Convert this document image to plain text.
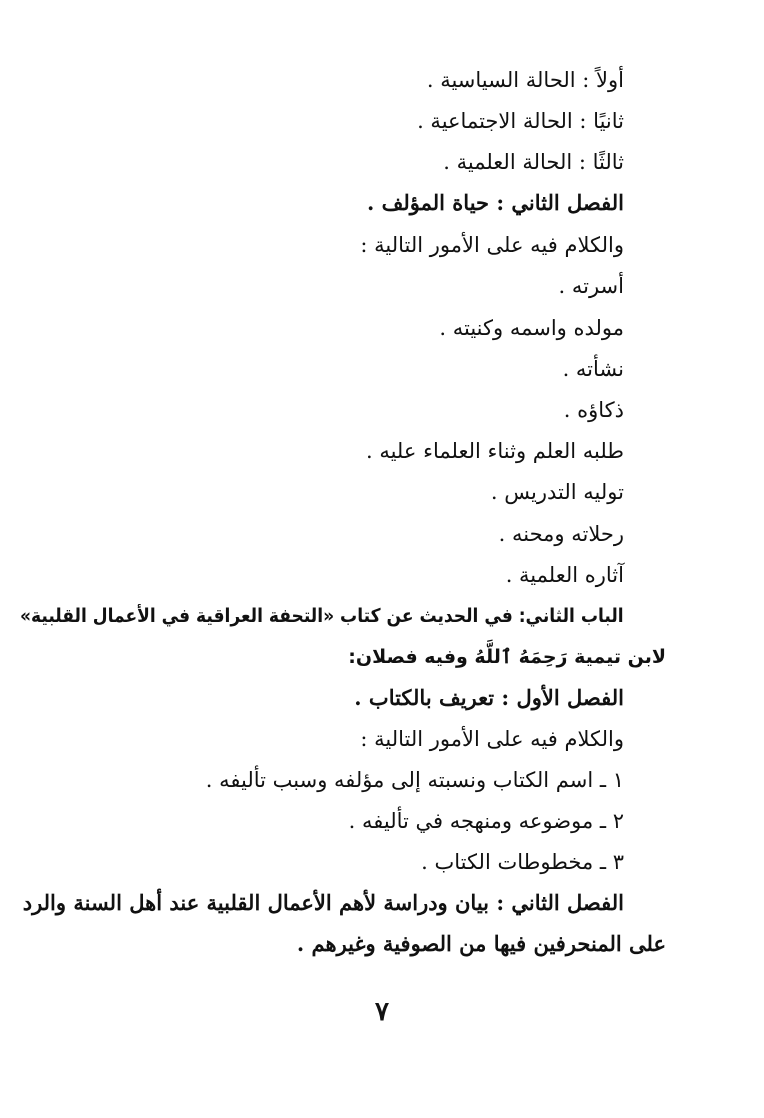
أولاً : الحالة السياسية .
ثانيًا : الحالة الاجتماعية .
ثالثًا : الحالة العلمية .
الفصل الثاني : حياة المؤلف .
والكلام فيه على الأمور التالية :
أسرته .
مولده واسمه وكنيته .
نشأته .
ذكاؤه .
طلبه العلم وثناء العلماء عليه .
توليه التدريس .
رحلاته ومحنه .
آثاره العلمية .
الباب الثاني: في الحديث عن كتاب «التحفة العراقية في الأعمال القلبية»
لابن تيمية رَحِمَهُ ٱللَّهُ وفيه فصلان:
الفصل الأول : تعريف بالكتاب .
والكلام فيه على الأمور التالية :
١ ـ اسم الكتاب ونسبته إلى مؤلفه وسبب تأليفه .
٢ ـ موضوعه ومنهجه في تأليفه .
٣ ـ مخطوطات الكتاب .
الفصل الثاني : بيان ودراسة لأهم الأعمال القلبية عند أهل السنة والرد
على المنحرفين فيها من الصوفية وغيرهم .
٧
